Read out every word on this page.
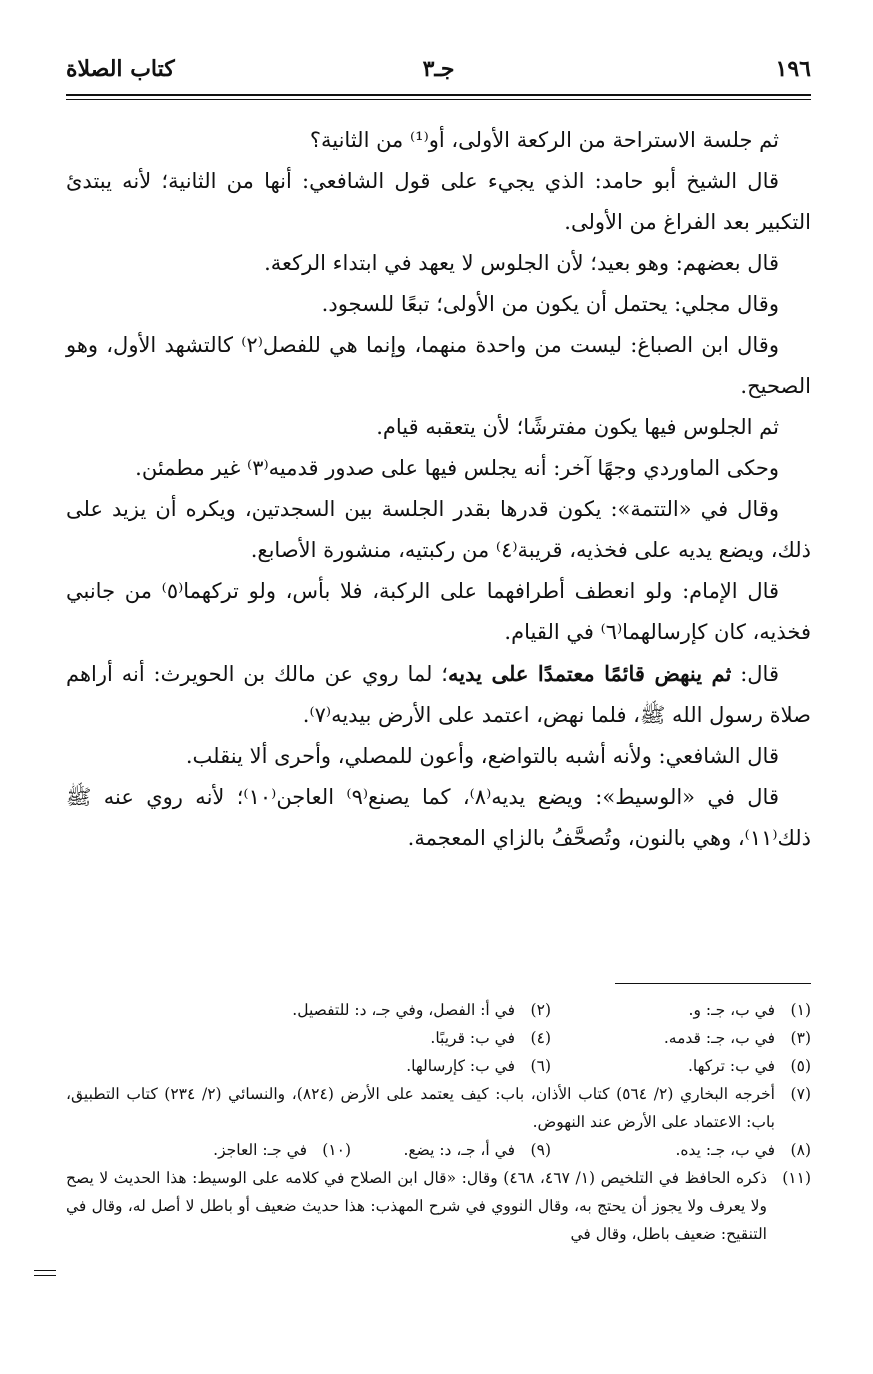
١٩٦
جـ٣
كتاب الصلاة

ثم جلسة الاستراحة من الركعة الأولى، أو⁽¹⁾ من الثانية؟

قال الشيخ أبو حامد: الذي يجيء على قول الشافعي: أنها من الثانية؛ لأنه يبتدئ التكبير بعد الفراغ من الأولى.

قال بعضهم: وهو بعيد؛ لأن الجلوس لا يعهد في ابتداء الركعة.

وقال مجلي: يحتمل أن يكون من الأولى؛ تبعًا للسجود.

وقال ابن الصباغ: ليست من واحدة منهما، وإنما هي للفصل⁽٢⁾ كالتشهد الأول، وهو الصحيح.

ثم الجلوس فيها يكون مفترشًا؛ لأن يتعقبه قيام.

وحكى الماوردي وجهًا آخر: أنه يجلس فيها على صدور قدميه⁽٣⁾ غير مطمئن.

وقال في «التتمة»: يكون قدرها بقدر الجلسة بين السجدتين، ويكره أن يزيد على ذلك، ويضع يديه على فخذيه، قريبة⁽٤⁾ من ركبتيه، منشورة الأصابع.

قال الإمام: ولو انعطف أطرافهما على الركبة، فلا بأس، ولو تركهما⁽٥⁾ من جانبي فخذيه، كان كإرسالهما⁽٦⁾ في القيام.

قال: ثم ينهض قائمًا معتمدًا على يديه؛ لما روي عن مالك بن الحويرث: أنه أراهم صلاة رسول الله ﷺ، فلما نهض، اعتمد على الأرض بيديه⁽٧⁾.

قال الشافعي: ولأنه أشبه بالتواضع، وأعون للمصلي، وأحرى ألا ينقلب.

قال في «الوسيط»: ويضع يديه⁽٨⁾، كما يصنع⁽٩⁾ العاجن⁽١٠⁾؛ لأنه روي عنه ﷺ ذلك⁽١١⁾، وهي بالنون، وتُصحَّفُ بالزاي المعجمة.

(١)
في ب، جـ: و.
(٢)
في أ: الفصل، وفي جـ، د: للتفصيل.
(٣)
في ب، جـ: قدمه.
(٤)
في ب: قريبًا.
(٥)
في ب: تركها.
(٦)
في ب: كإرسالها.
(٧)
أخرجه البخاري (٢/ ٥٦٤) كتاب الأذان، باب: كيف يعتمد على الأرض (٨٢٤)، والنسائي (٢/ ٢٣٤) كتاب التطبيق، باب: الاعتماد على الأرض عند النهوض.
(٨)
في ب، جـ: يده.
(٩)
في أ، جـ، د: يضع.
(١٠)
في جـ: العاجز.
(١١)
ذكره الحافظ في التلخيص (١/ ٤٦٧، ٤٦٨) وقال: «قال ابن الصلاح في كلامه على الوسيط: هذا الحديث لا يصح ولا يعرف ولا يجوز أن يحتج به، وقال النووي في شرح المهذب: هذا حديث ضعيف أو باطل لا أصل له، وقال في التنقيح: ضعيف باطل، وقال في
